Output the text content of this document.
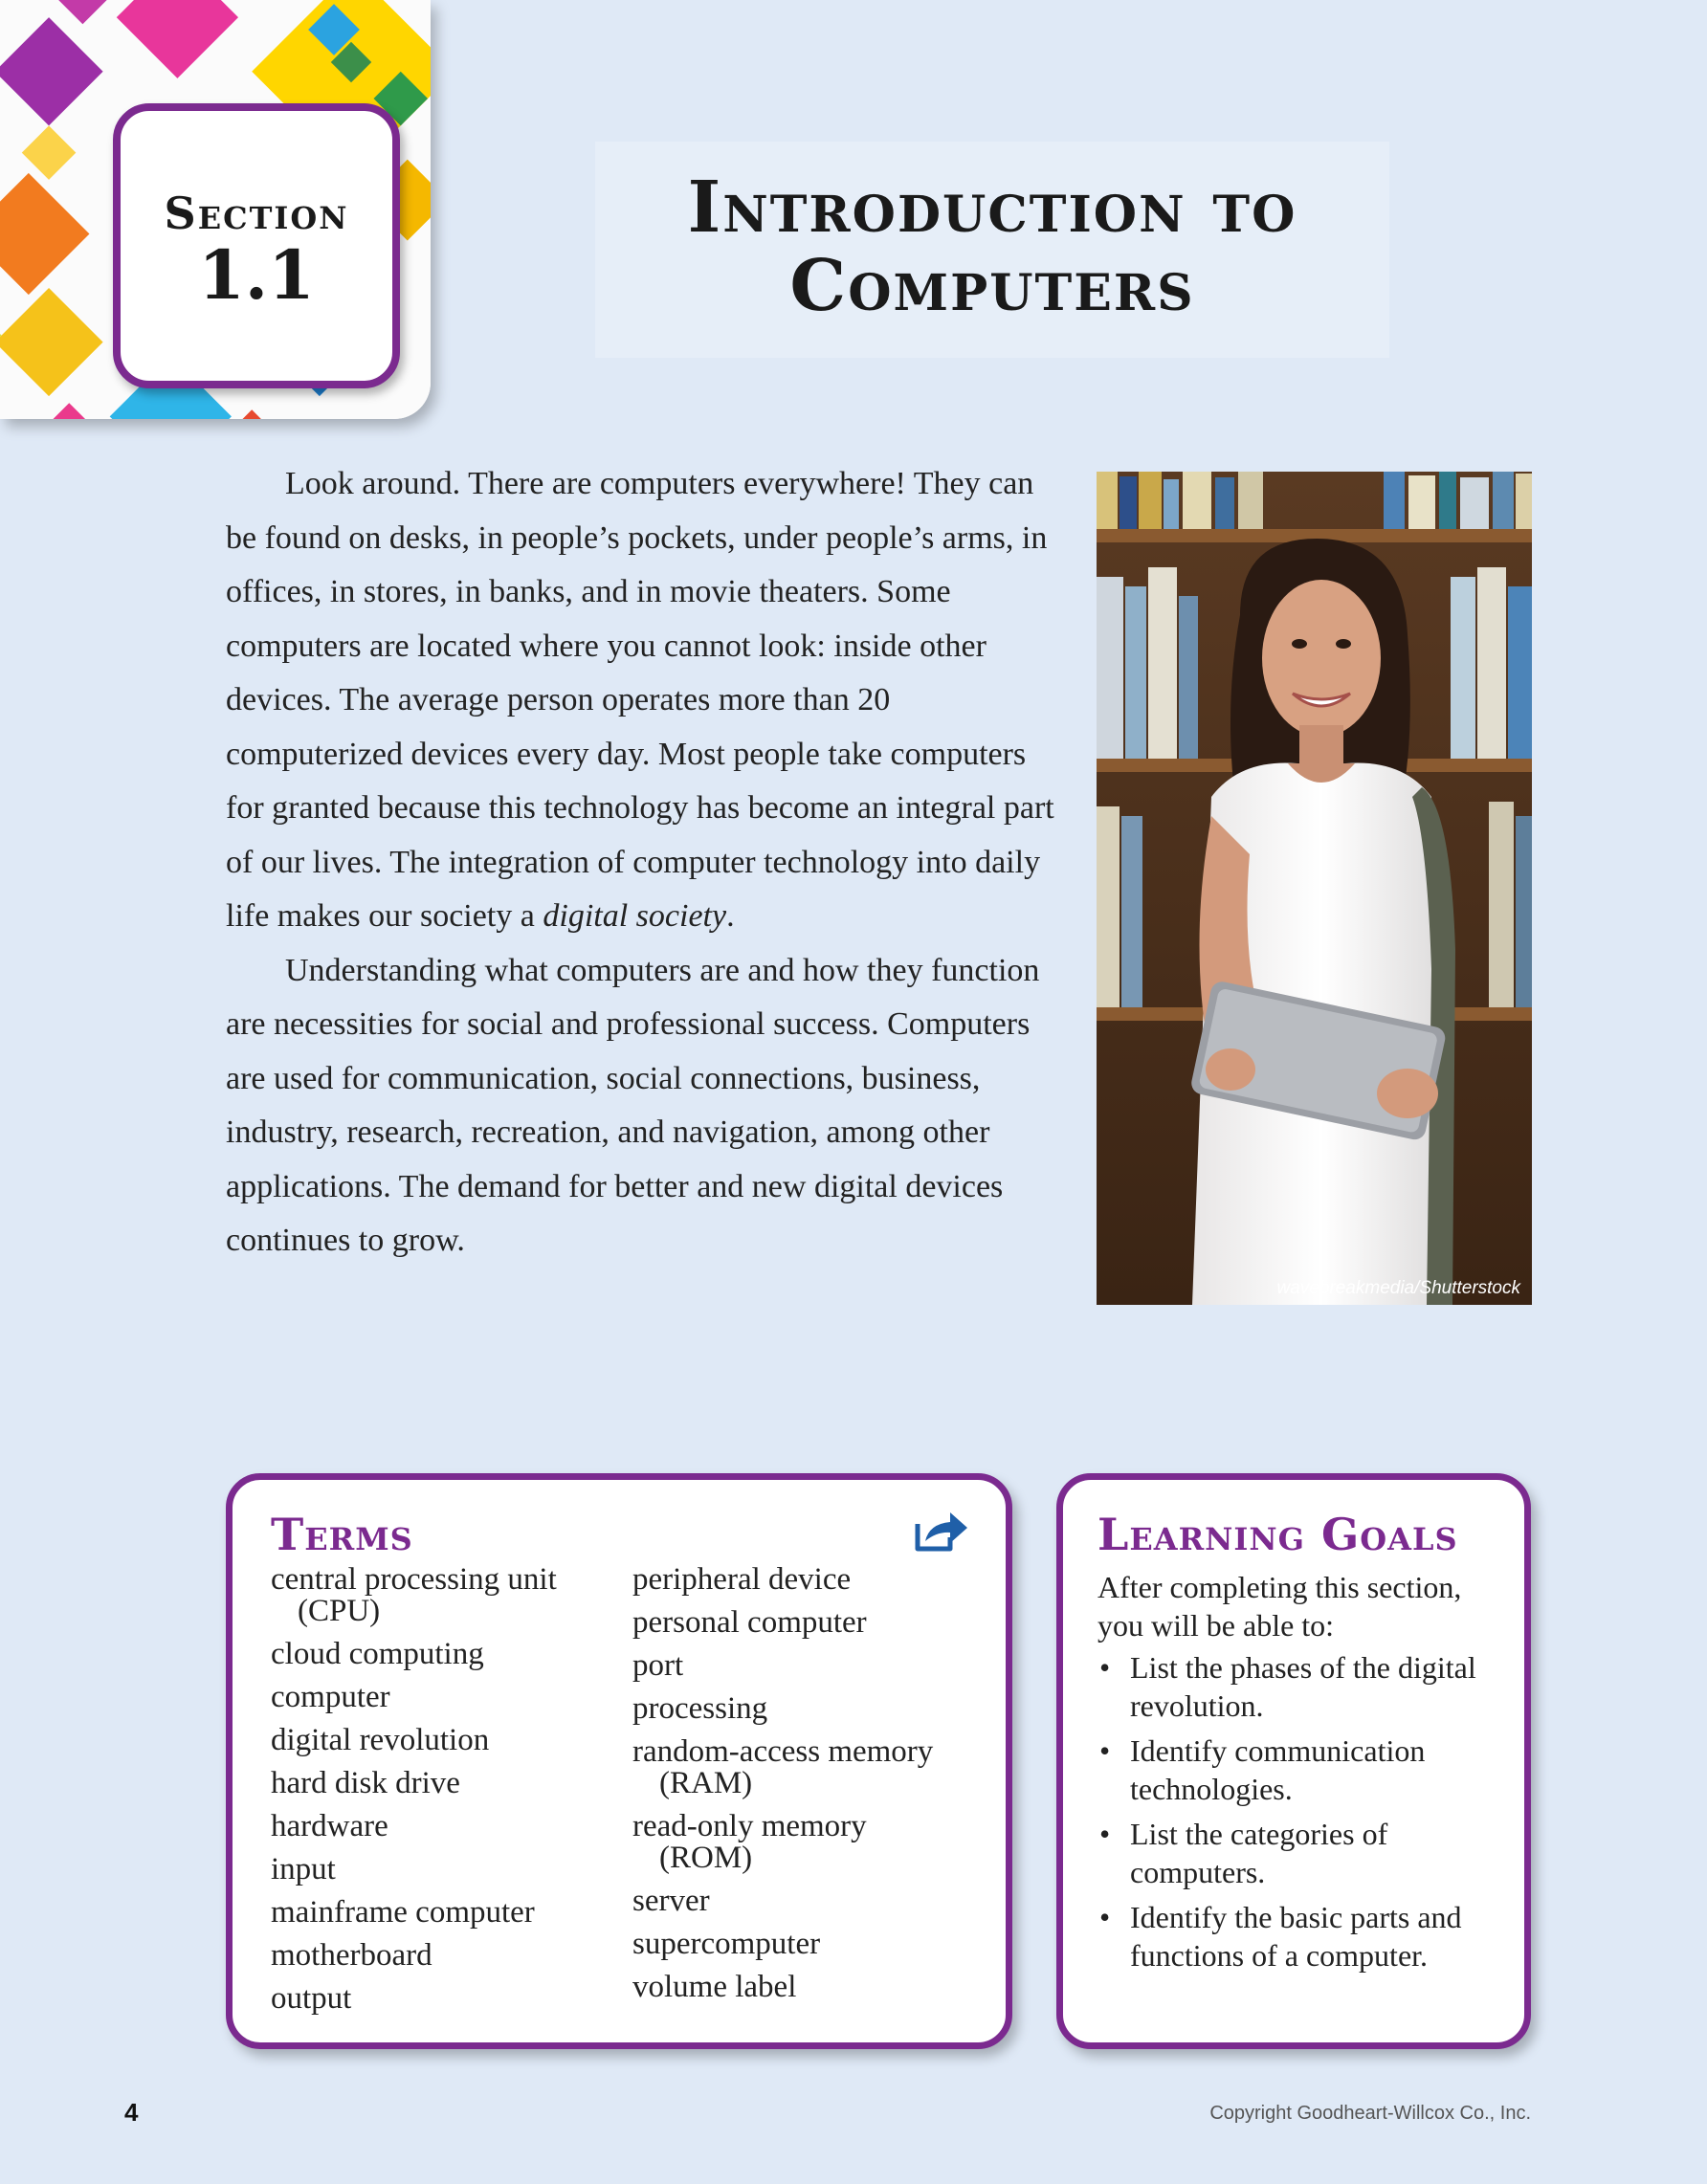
Section
1.1
Introduction to
Computers

Look around. There are computers everywhere! They can be found on desks, in people’s pockets, under people’s arms, in offices, in stores, in banks, and in movie theaters. Some computers are located where you cannot look: inside other devices. The average person operates more than 20 computerized devices every day. Most people take computers for granted because this technology has become an integral part of our lives. The integration of computer technology into daily life makes our society a digital society.

Understanding what computers are and how they function are necessities for social and professional success. Computers are used for communication, social connections, business, industry, research, recreation, and navigation, among other applications. The demand for better and new digital devices continues to grow.

wavebreakmedia/Shutterstock
Terms
central processing unit
(CPU)
cloud computing
computer
digital revolution
hard disk drive
hardware
input
mainframe computer
motherboard
output
peripheral device
personal computer
port
processing
random-access memory
(RAM)
read-only memory
(ROM)
server
supercomputer
volume label
Learning Goals

After completing this section, you will be able to:

• List the phases of the digital revolution.
• Identify communication technologies.
• List the categories of computers.
• Identify the basic parts and functions of a computer.
4	Copyright Goodheart-Willcox Co., Inc.
